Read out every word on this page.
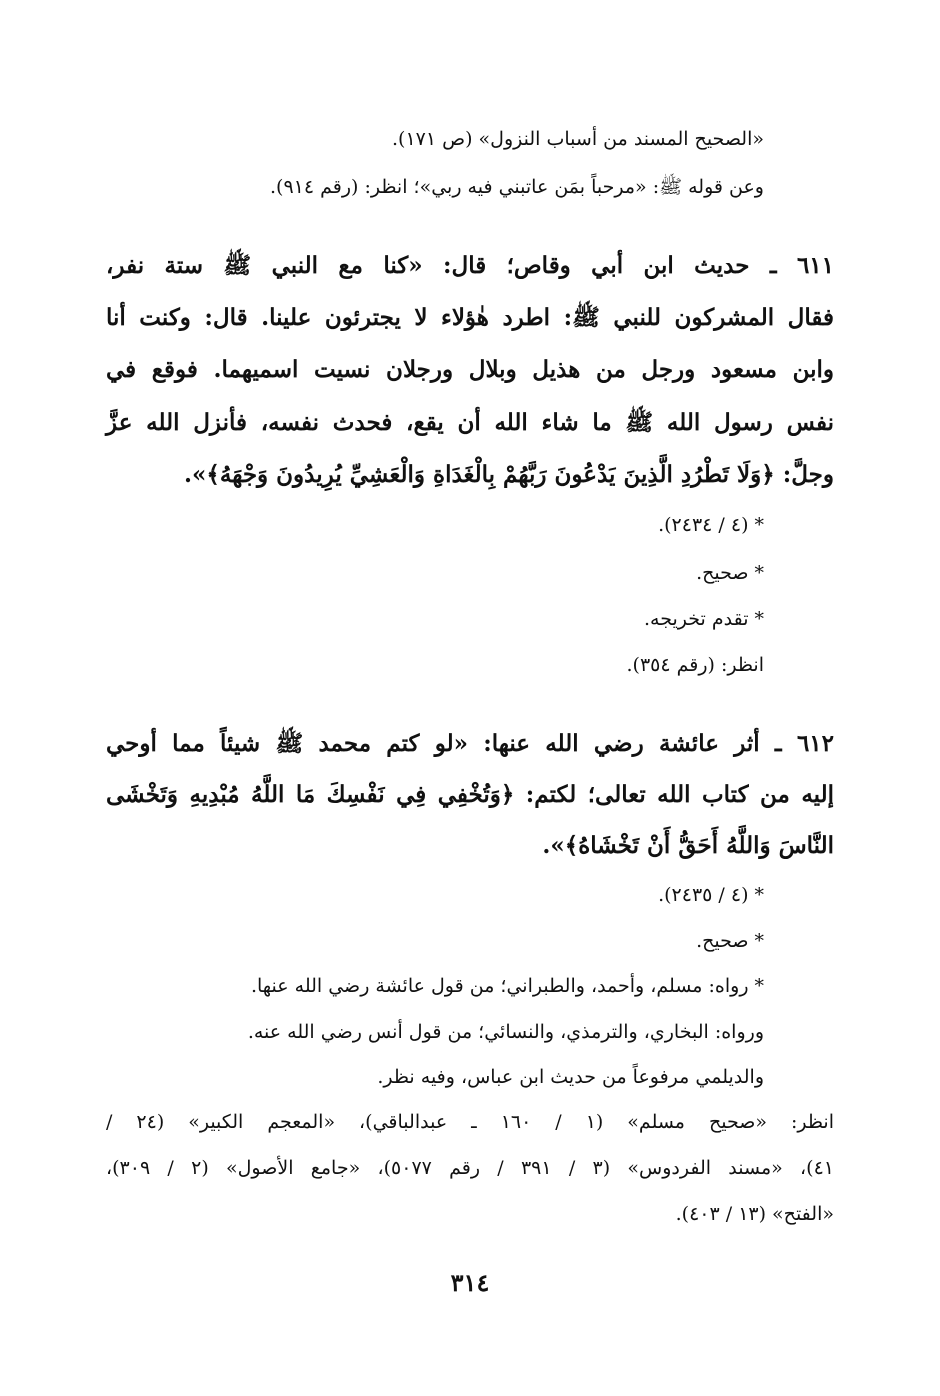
«الصحيح المسند من أسباب النزول» (ص ١٧١).
وعن قوله ﷺ: «مرحباً بمَن عاتبني فيه ربي»؛ انظر: (رقم ٩١٤).
٦١١ ـ حديث ابن أبي وقاص؛ قال: «كنا مع النبي ﷺ ستة نفر،
فقال المشركون للنبي ﷺ: اطرد هٰؤلاء لا يجترئون علينا. قال: وكنت أنا
وابن مسعود ورجل من هذيل وبلال ورجلان نسيت اسميهما. فوقع في
نفس رسول الله ﷺ ما شاء الله أن يقع، فحدث نفسه، فأنزل الله عزَّ
وجلَّ: ﴿وَلَا تَطْرُدِ الَّذِينَ يَدْعُونَ رَبَّهُمْ بِالْغَدَاةِ وَالْعَشِيِّ يُرِيدُونَ وَجْهَهُ﴾».
*(٤ / ٢٤٣٤).
*صحيح.
*تقدم تخريجه.
انظر: (رقم ٣٥٤).
٦١٢ ـ أثر عائشة رضي الله عنها: «لو كتم محمد ﷺ شيئاً مما أوحي
إليه من كتاب الله تعالى؛ لكتم: ﴿وَتُخْفِي فِي نَفْسِكَ مَا اللَّهُ مُبْدِيهِ وَتَخْشَى
النَّاسَ وَاللَّهُ أَحَقُّ أَنْ تَخْشَاهُ﴾».
*(٤ / ٢٤٣٥).
*صحيح.
*رواه: مسلم، وأحمد، والطبراني؛ من قول عائشة رضي الله عنها.
ورواه: البخاري، والترمذي، والنسائي؛ من قول أنس رضي الله عنه.
والديلمي مرفوعاً من حديث ابن عباس، وفيه نظر.
انظر: «صحيح مسلم» (١ / ١٦٠ ـ عبدالباقي)، «المعجم الكبير» (٢٤ /
٤١)، «مسند الفردوس» (٣ / ٣٩١ / رقم ٥٠٧٧)، «جامع الأصول» (٢ / ٣٠٩)،
«الفتح» (١٣ / ٤٠٣).
٣١٤
